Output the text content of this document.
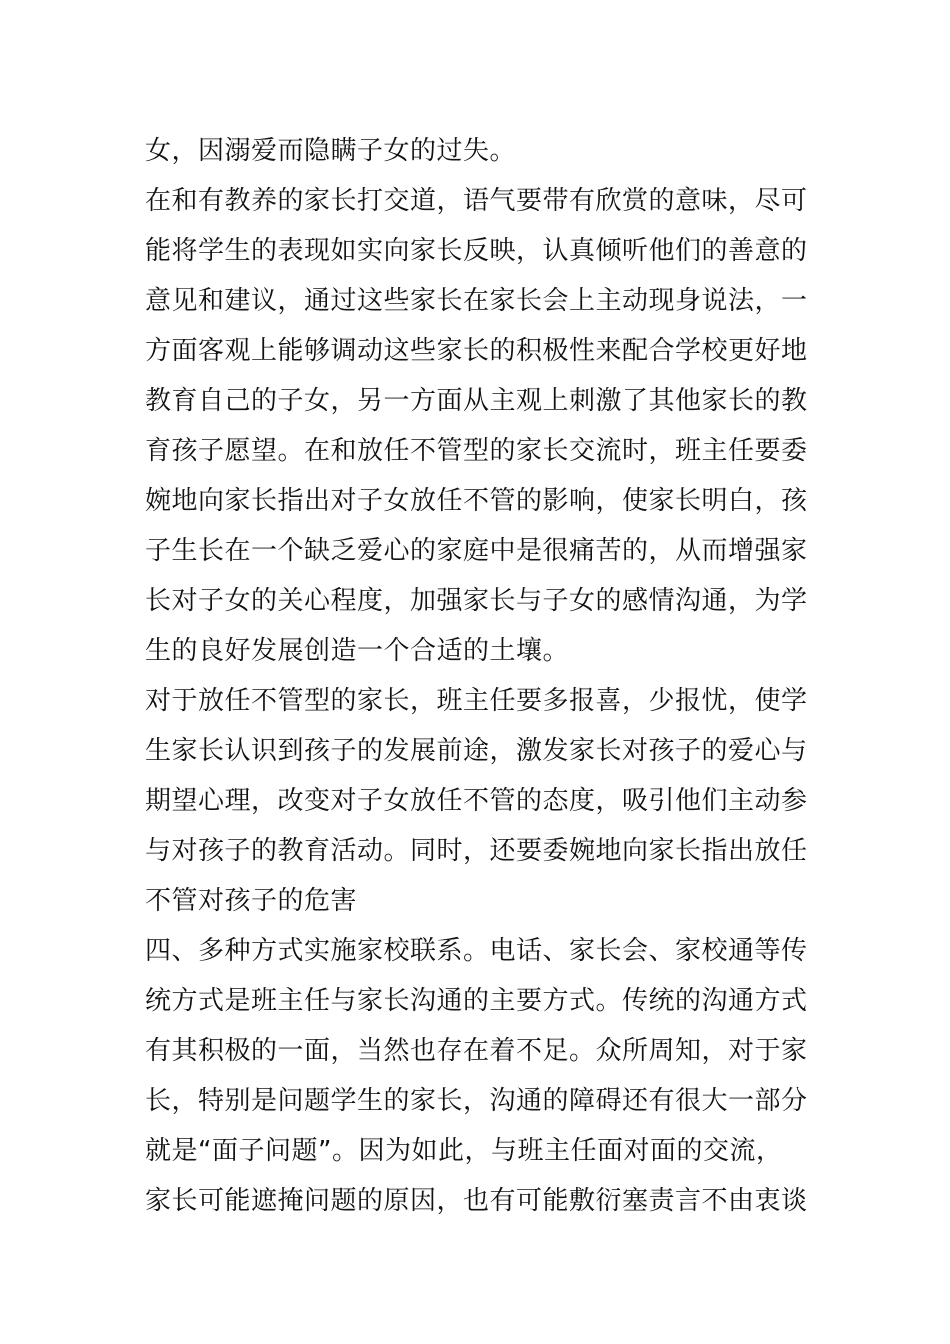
女，因溺爱而隐瞒子女的过失。
在和有教养的家长打交道，语气要带有欣赏的意味，尽可
能将学生的表现如实向家长反映，认真倾听他们的善意的
意见和建议，通过这些家长在家长会上主动现身说法，一
方面客观上能够调动这些家长的积极性来配合学校更好地
教育自己的子女，另一方面从主观上刺激了其他家长的教
育孩子愿望。在和放任不管型的家长交流时，班主任要委
婉地向家长指出对子女放任不管的影响，使家长明白，孩
子生长在一个缺乏爱心的家庭中是很痛苦的，从而增强家
长对子女的关心程度，加强家长与子女的感情沟通，为学
生的良好发展创造一个合适的土壤。
对于放任不管型的家长，班主任要多报喜，少报忧，使学
生家长认识到孩子的发展前途，激发家长对孩子的爱心与
期望心理，改变对子女放任不管的态度，吸引他们主动参
与对孩子的教育活动。同时，还要委婉地向家长指出放任
不管对孩子的危害
四、多种方式实施家校联系。电话、家长会、家校通等传
统方式是班主任与家长沟通的主要方式。传统的沟通方式
有其积极的一面，当然也存在着不足。众所周知，对于家
长，特别是问题学生的家长，沟通的障碍还有很大一部分
就是“面子问题”。因为如此，与班主任面对面的交流，
家长可能遮掩问题的原因，也有可能敷衍塞责言不由衷谈
